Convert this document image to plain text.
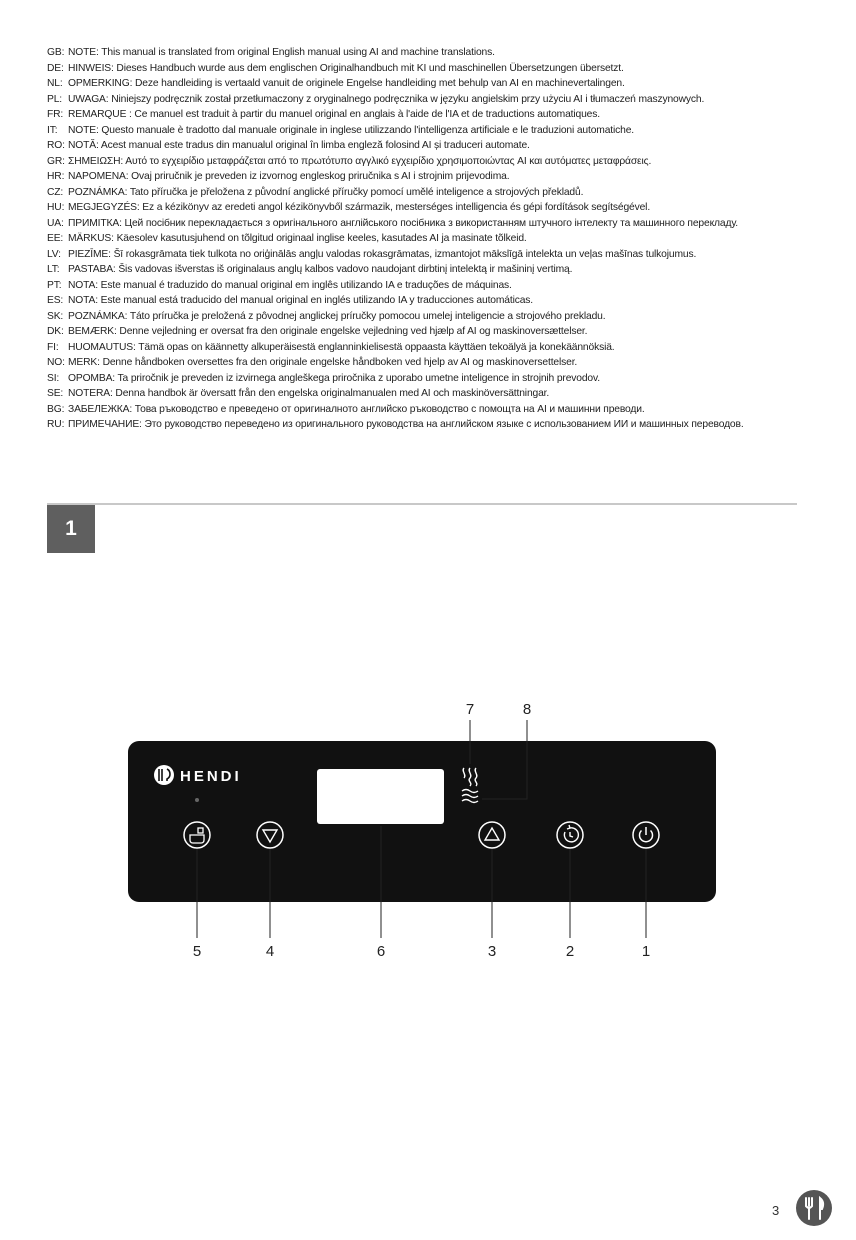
GB: NOTE: This manual is translated from original English manual using AI and machine translations.
DE: HINWEIS: Dieses Handbuch wurde aus dem englischen Originalhandbuch mit KI und maschinellen Übersetzungen übersetzt.
NL: OPMERKING: Deze handleiding is vertaald vanuit de originele Engelse handleiding met behulp van AI en machinevertalingen.
PL: UWAGA: Niniejszy podręcznik został przetłumaczony z oryginalnego podręcznika w języku angielskim przy użyciu AI i tłumaczeń maszynowych.
FR: REMARQUE : Ce manuel est traduit à partir du manuel original en anglais à l'aide de l'IA et de traductions automatiques.
IT:	NOTE: Questo manuale è tradotto dal manuale originale in inglese utilizzando l'intelligenza artificiale e le traduzioni automatiche.
RO: NOTĂ: Acest manual este tradus din manualul original în limba engleză folosind AI și traduceri automate.
GR: ΣΗΜΕΙΩΣΗ: Αυτό το εγχειρίδιο μεταφράζεται από το πρωτότυπο αγγλικό εγχειρίδιο χρησιμοποιώντας AI και αυτόματες μεταφράσεις.
HR: NAPOMENA: Ovaj priručnik je preveden iz izvornog engleskog priručnika s AI i strojnim prijevodima.
CZ: POZNÁMKA: Tato příručka je přeložena z původní anglické příručky pomocí umělé inteligence a strojových překladů.
HU: MEGJEGYZÉS: Ez a kézikönyv az eredeti angol kézikönyvből származik, mesterséges intelligencia és gépi fordítások segítségével.
UA: ПРИМІТКА: Цей посібник перекладається з оригінального англійського посібника з використанням штучного інтелекту та машинного перекладу.
EE: MÄRKUS: Käesolev kasutusjuhend on tõlgitud originaal inglise keeles, kasutades AI ja masinate tõlkeid.
LV: PIEZĪME: Šī rokasgrāmata tiek tulkota no oriģinālās angļu valodas rokasgrāmatas, izmantojot mākslīgā intelekta un veļas mašīnas tulkojumus.
LT: PASTABA: Šis vadovas išverstas iš originalaus anglų kalbos vadovo naudojant dirbtinį intelektą ir mašininį vertimą.
PT: NOTA: Este manual é traduzido do manual original em inglês utilizando IA e traduções de máquinas.
ES: NOTA: Este manual está traducido del manual original en inglés utilizando IA y traducciones automáticas.
SK: POZNÁMKA: Táto príručka je preložená z pôvodnej anglickej príručky pomocou umelej inteligencie a strojového prekladu.
DK: BEMÆRK: Denne vejledning er oversat fra den originale engelske vejledning ved hjælp af AI og maskinoversættelser.
FI: HUOMAUTUS: Tämä opas on käännetty alkuperäisestä englanninkielisestä oppaasta käyttäen tekoälyä ja konekäännöksiä.
NO: MERK: Denne håndboken oversettes fra den originale engelske håndboken ved hjelp av AI og maskinoversettelser.
SI: OPOMBA: Ta priročnik je preveden iz izvirnega angleškega priročnika z uporabo umetne inteligence in strojnih prevodov.
SE: NOTERA: Denna handbok är översatt från den engelska originalmanualen med AI och maskinöversättningar.
BG: ЗАБЕЛЕЖКА: Това ръководство е преведено от оригиналното английско ръководство с помощта на AI и машинни преводи.
RU: ПРИМЕЧАНИЕ: Это руководство переведено из оригинального руководства на английском языке с использованием ИИ и машинных переводов.
1
HENDI
7	8
5	4	6	3	2	1
3
